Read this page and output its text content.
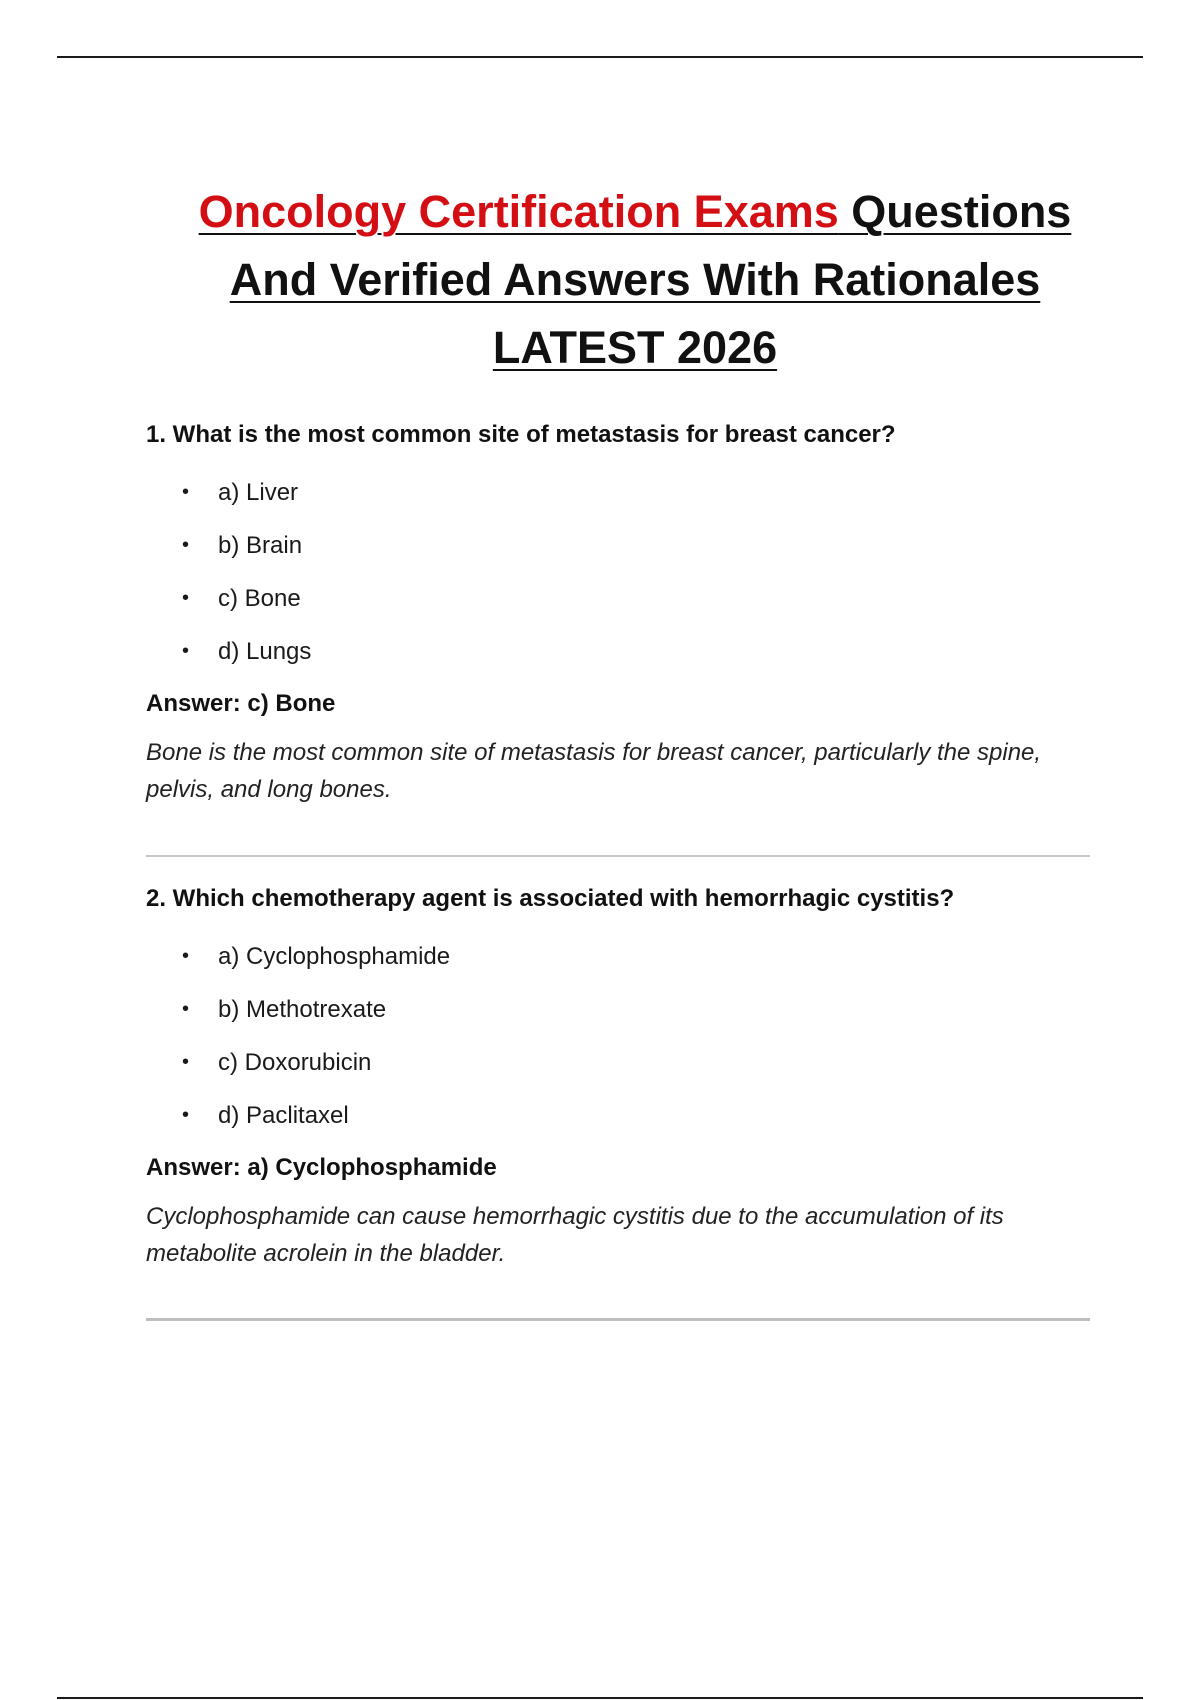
Oncology Certification Exams Questions
And Verified Answers With Rationales
LATEST 2026

1. What is the most common site of metastasis for breast cancer?

• a) Liver
• b) Brain
• c) Bone
• d) Lungs

Answer: c) Bone

Bone is the most common site of metastasis for breast cancer, particularly the spine, pelvis, and long bones.

2. Which chemotherapy agent is associated with hemorrhagic cystitis?

• a) Cyclophosphamide
• b) Methotrexate
• c) Doxorubicin
• d) Paclitaxel

Answer: a) Cyclophosphamide

Cyclophosphamide can cause hemorrhagic cystitis due to the accumulation of its metabolite acrolein in the bladder.
